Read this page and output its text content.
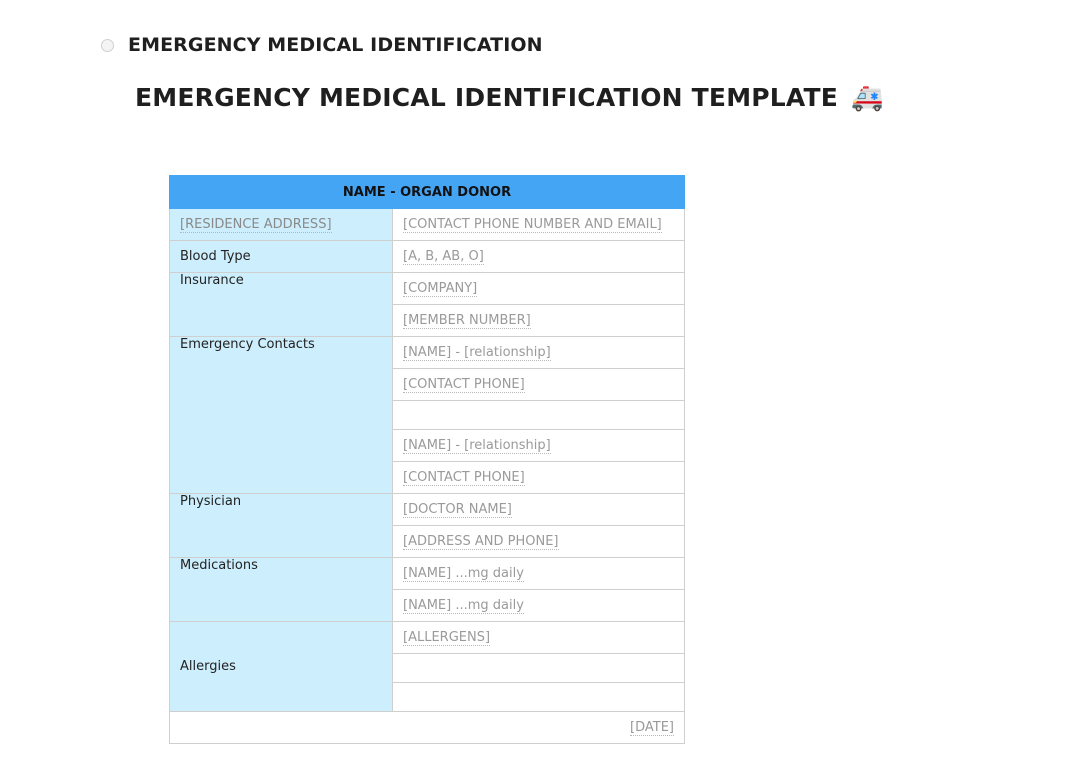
EMERGENCY MEDICAL IDENTIFICATION
EMERGENCY MEDICAL IDENTIFICATION TEMPLATE 🚑
NAME - ORGAN DONOR	
[RESIDENCE ADDRESS]	[CONTACT PHONE NUMBER AND EMAIL]
Blood Type	[A, B, AB, O]
Insurance	[COMPANY]
	[MEMBER NUMBER]
Emergency Contacts	[NAME] - [relationship]
	[CONTACT PHONE]

	[NAME] - [relationship]
	[CONTACT PHONE]
Physician	[DOCTOR NAME]
	[ADDRESS AND PHONE]
Medications	[NAME] ...mg daily
	[NAME] ...mg daily
Allergies	[ALLERGENS]

[DATE]	
